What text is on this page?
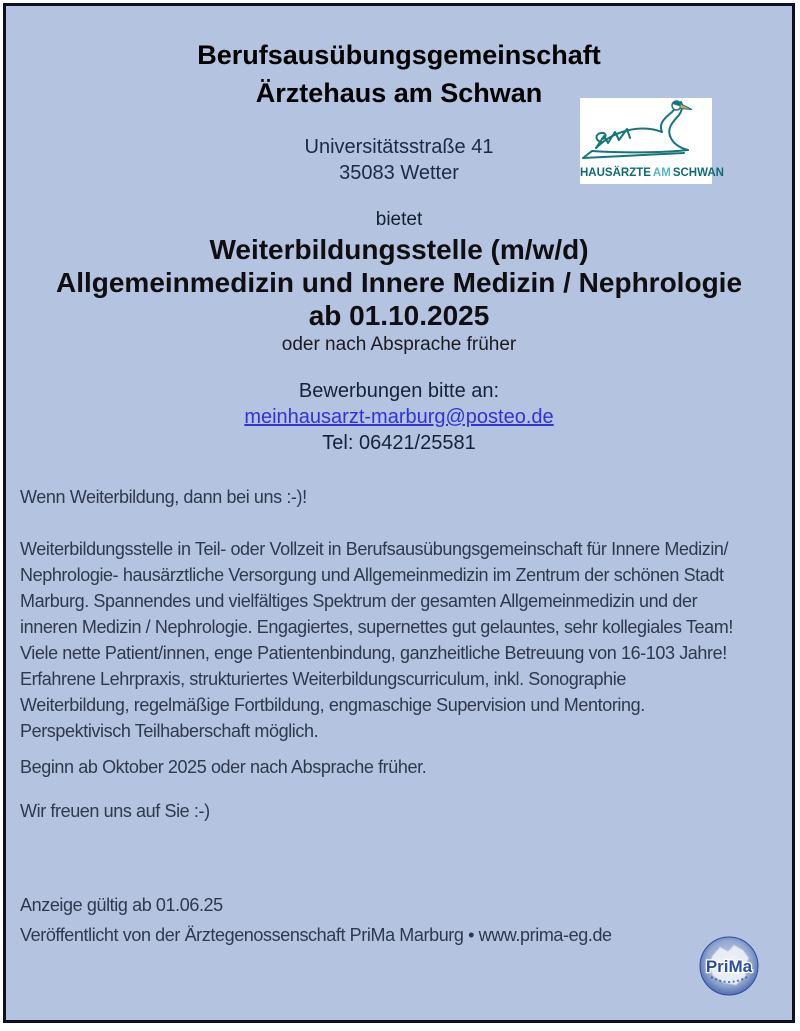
Berufsausübungsgemeinschaft
Ärztehaus am Schwan
HAUSÄRZTE AM SCHWAN
Universitätsstraße 41
35083 Wetter
bietet
Weiterbildungsstelle (m/w/d)
Allgemeinmedizin und Innere Medizin / Nephrologie
ab 01.10.2025
oder nach Absprache früher
Bewerbungen bitte an:
meinhausarzt-marburg@posteo.de
Tel: 06421/25581
Wenn Weiterbildung, dann bei uns :-)!
Weiterbildungsstelle in Teil- oder Vollzeit in Berufsausübungsgemeinschaft für Innere Medizin/
Nephrologie- hausärztliche Versorgung und Allgemeinmedizin im Zentrum der schönen Stadt
Marburg. Spannendes und vielfältiges Spektrum der gesamten Allgemeinmedizin und der
inneren Medizin / Nephrologie. Engagiertes, supernettes gut gelauntes, sehr kollegiales Team!
Viele nette Patient/innen, enge Patientenbindung, ganzheitliche Betreuung von 16-103 Jahre!
Erfahrene Lehrpraxis, strukturiertes Weiterbildungscurriculum, inkl. Sonographie
Weiterbildung, regelmäßige Fortbildung, engmaschige Supervision und Mentoring.
Perspektivisch Teilhaberschaft möglich.
Beginn ab Oktober 2025 oder nach Absprache früher.
Wir freuen uns auf Sie :-)
Anzeige gültig ab 01.06.25
Veröffentlicht von der Ärztegenossenschaft PriMa Marburg • www.prima-eg.de
PriMa
